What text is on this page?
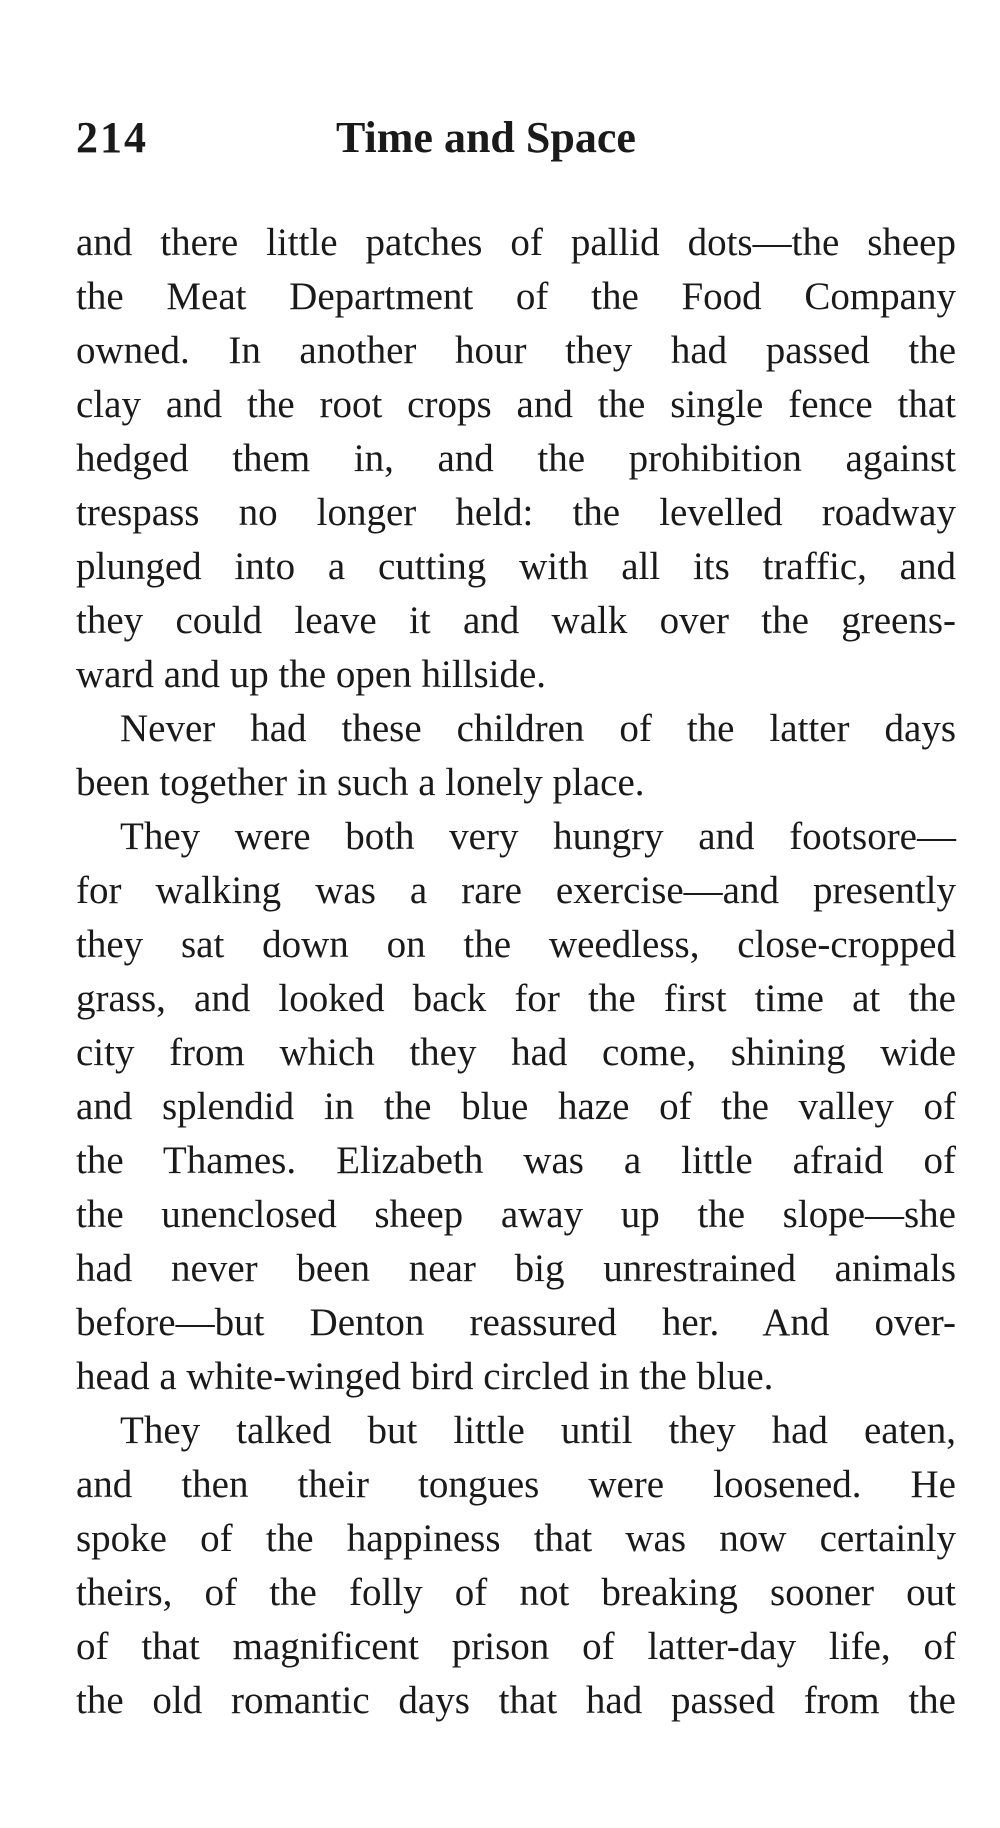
214	Time and Space
and there little patches of pallid dots—the sheep
the Meat Department of the Food Company
owned. In another hour they had passed the
clay and the root crops and the single fence that
hedged them in, and the prohibition against
trespass no longer held: the levelled roadway
plunged into a cutting with all its traffic, and
they could leave it and walk over the greens-
ward and up the open hillside.
Never had these children of the latter days
been together in such a lonely place.
They were both very hungry and footsore—
for walking was a rare exercise—and presently
they sat down on the weedless, close-cropped
grass, and looked back for the first time at the
city from which they had come, shining wide
and splendid in the blue haze of the valley of
the Thames. Elizabeth was a little afraid of
the unenclosed sheep away up the slope—she
had never been near big unrestrained animals
before—but Denton reassured her. And over-
head a white-winged bird circled in the blue.
They talked but little until they had eaten,
and then their tongues were loosened. He
spoke of the happiness that was now certainly
theirs, of the folly of not breaking sooner out
of that magnificent prison of latter-day life, of
the old romantic days that had passed from the
